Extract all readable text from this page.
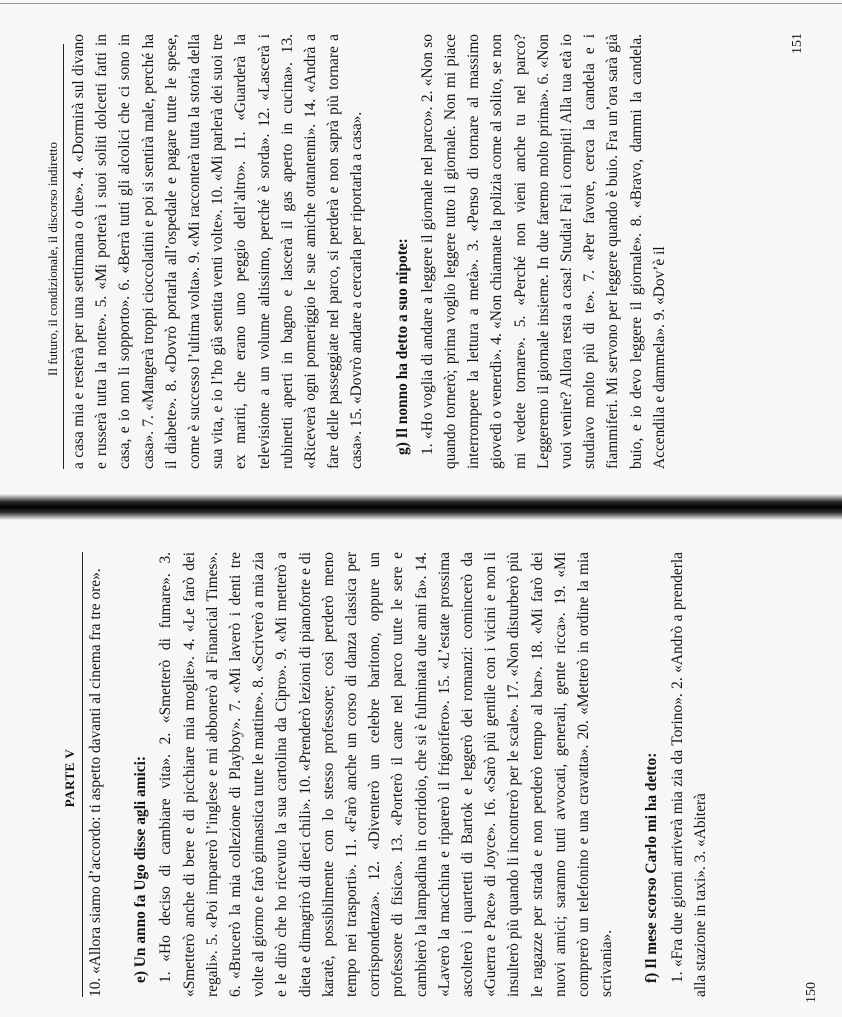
PARTE V 10. «Allora siamo d’accordo: ti aspetto davanti al cinema fra tre ore». e) Un anno fa Ugo disse agli amici: 1. «Ho deciso di cambiare vita». 2. «Smetterò di fumare». 3. «Smetterò anche di bere e di picchiare mia moglie». 4. «Le farò dei regali». 5. «Poi imparerò l’inglese e mi abbonerò al Financial Times». 6. «Brucerò la mia collezione di Playboy». 7. «Mi laverò i denti tre volte al giorno e farò ginnastica tutte le mattine». 8. «Scriverò a mia zia e le dirò che ho ricevuto la sua cartolina da Cipro». 9. «Mi metterò a dieta e dimagrirò di dieci chili». 10. «Prenderò lezioni di pianoforte e di karatè, possibilmente con lo stesso professore; così perderò meno tempo nei trasporti». 11. «Farò anche un corso di danza classica per corrispondenza». 12. «Diventerò un celebre baritono, oppure un professore di fisica». 13. «Porterò il cane nel parco tutte le sere e cambierò la lampadina in corridoio, che si è fulminata due anni fa». 14. «Laverò la macchina e riparerò il frigorifero». 15. «L’estate prossima ascolterò i quartetti di Bartok e leggerò dei romanzi: comincerò da «Guerra e Pace» di Joyce». 16. «Sarò più gentile con i vicini e non li insulterò più quando li incontrerò per le scale». 17. «Non disturberò più le ragazze per strada e non perderò tempo al bar». 18. «Mi farò dei nuovi amici; saranno tutti avvocati, generali, gente ricca». 19. «Mi comprerò un telefonino e una cravatta». 20. «Metterò in ordine la mia scrivania». f) Il mese scorso Carlo mi ha detto: 1. «Fra due giorni arriverà mia zia da Torino». 2. «Andrò a prenderla alla stazione in taxi». 3. «Abiterà	150
Il futuro, il condizionale, il discorso indiretto a casa mia e resterà per una settimana o due». 4. «Dormirà sul divano e russerà tutta la notte». 5. «Mi porterà i suoi soliti dolcetti fatti in casa, e io non li sopporto». 6. «Berrà tutti gli alcolici che ci sono in casa». 7. «Mangerà troppi cioccolatini e poi si sentirà male, perché ha il diabete». 8. «Dovrò portarla all’ospedale e pagare tutte le spese, come è successo l’ultima volta». 9. «Mi racconterà tutta la storia della sua vita, e io l’ho già sentita venti volte». 10. «Mi parlerà dei suoi tre ex mariti, che erano uno peggio dell’altro». 11. «Guarderà la televisione a un volume altissimo, perché è sorda». 12. «Lascerà i rubinetti aperti in bagno e lascerà il gas aperto in cucina». 13. «Riceverà ogni pomeriggio le sue amiche ottantenni». 14. «Andrà a fare delle passeggiate nel parco, si perderà e non saprà più tornare a casa». 15. «Dovrò andare a cercarla per riportarla a casa». g) Il nonno ha detto a suo nipote: 1. «Ho voglia di andare a leggere il giornale nel parco». 2. «Non so quando tornerò; prima voglio leggere tutto il giornale. Non mi piace interrompere la lettura a metà». 3. «Penso di tornare al massimo giovedì o venerdì». 4. «Non chiamate la polizia come al solito, se non mi vedete tornare». 5. «Perché non vieni anche tu nel parco? Leggeremo il giornale insieme. In due faremo molto prima». 6. «Non vuoi venire? Allora resta a casa! Studia! Fai i compiti! Alla tua età io studiavo molto più di te». 7. «Per favore, cerca la candela e i fiammiferi. Mi servono per leggere quando è buio. Fra un’ora sarà già buio, e io devo leggere il giornale». 8. «Bravo, dammi la candela. Accendila e dammela». 9. «Dov’è il

151
